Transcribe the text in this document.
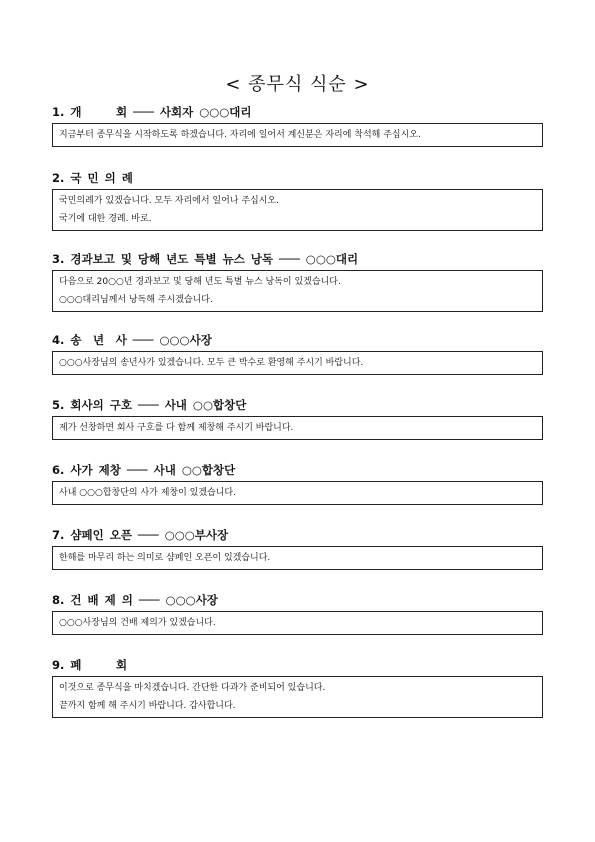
< 종무식 식순 >
1. 개　　　회 ─── 사회자 ○○○대리
지금부터 종무식을 시작하도록 하겠습니다. 자리에 일어서 계신분은 자리에 착석해 주십시오.
2. 국 민 의 례
국민의례가 있겠습니다. 모두 자리에서 일어나 주십시오.
국기에 대한 경례. 바로.
3. 경과보고 및 당해 년도 특별 뉴스 낭독 ─── ○○○대리
다음으로 20○○년 경과보고 및 당해 년도 특별 뉴스 낭독이 있겠습니다.
○○○대리님께서 낭독해 주시겠습니다.
4. 송　년　사 ─── ○○○사장
○○○사장님의 송년사가 있겠습니다. 모두 큰 박수로 환영해 주시기 바랍니다.
5. 회사의 구호 ─── 사내 ○○합창단
제가 선창하면 회사 구호를 다 함께 제창해 주시기 바랍니다.
6. 사가 제창 ─── 사내 ○○합창단
사내 ○○○합창단의 사가 제창이 있겠습니다.
7. 샴페인 오픈 ─── ○○○부사장
한해를 마무리 하는 의미로 샴페인 오픈이 있겠습니다.
8. 건 배 제 의 ─── ○○○사장
○○○사장님의 건배 제의가 있겠습니다.
9. 폐　　　회
이것으로 종무식을 마치겠습니다. 간단한 다과가 준비되어 있습니다.
끝까지 함께 해 주시기 바랍니다. 감사합니다.
